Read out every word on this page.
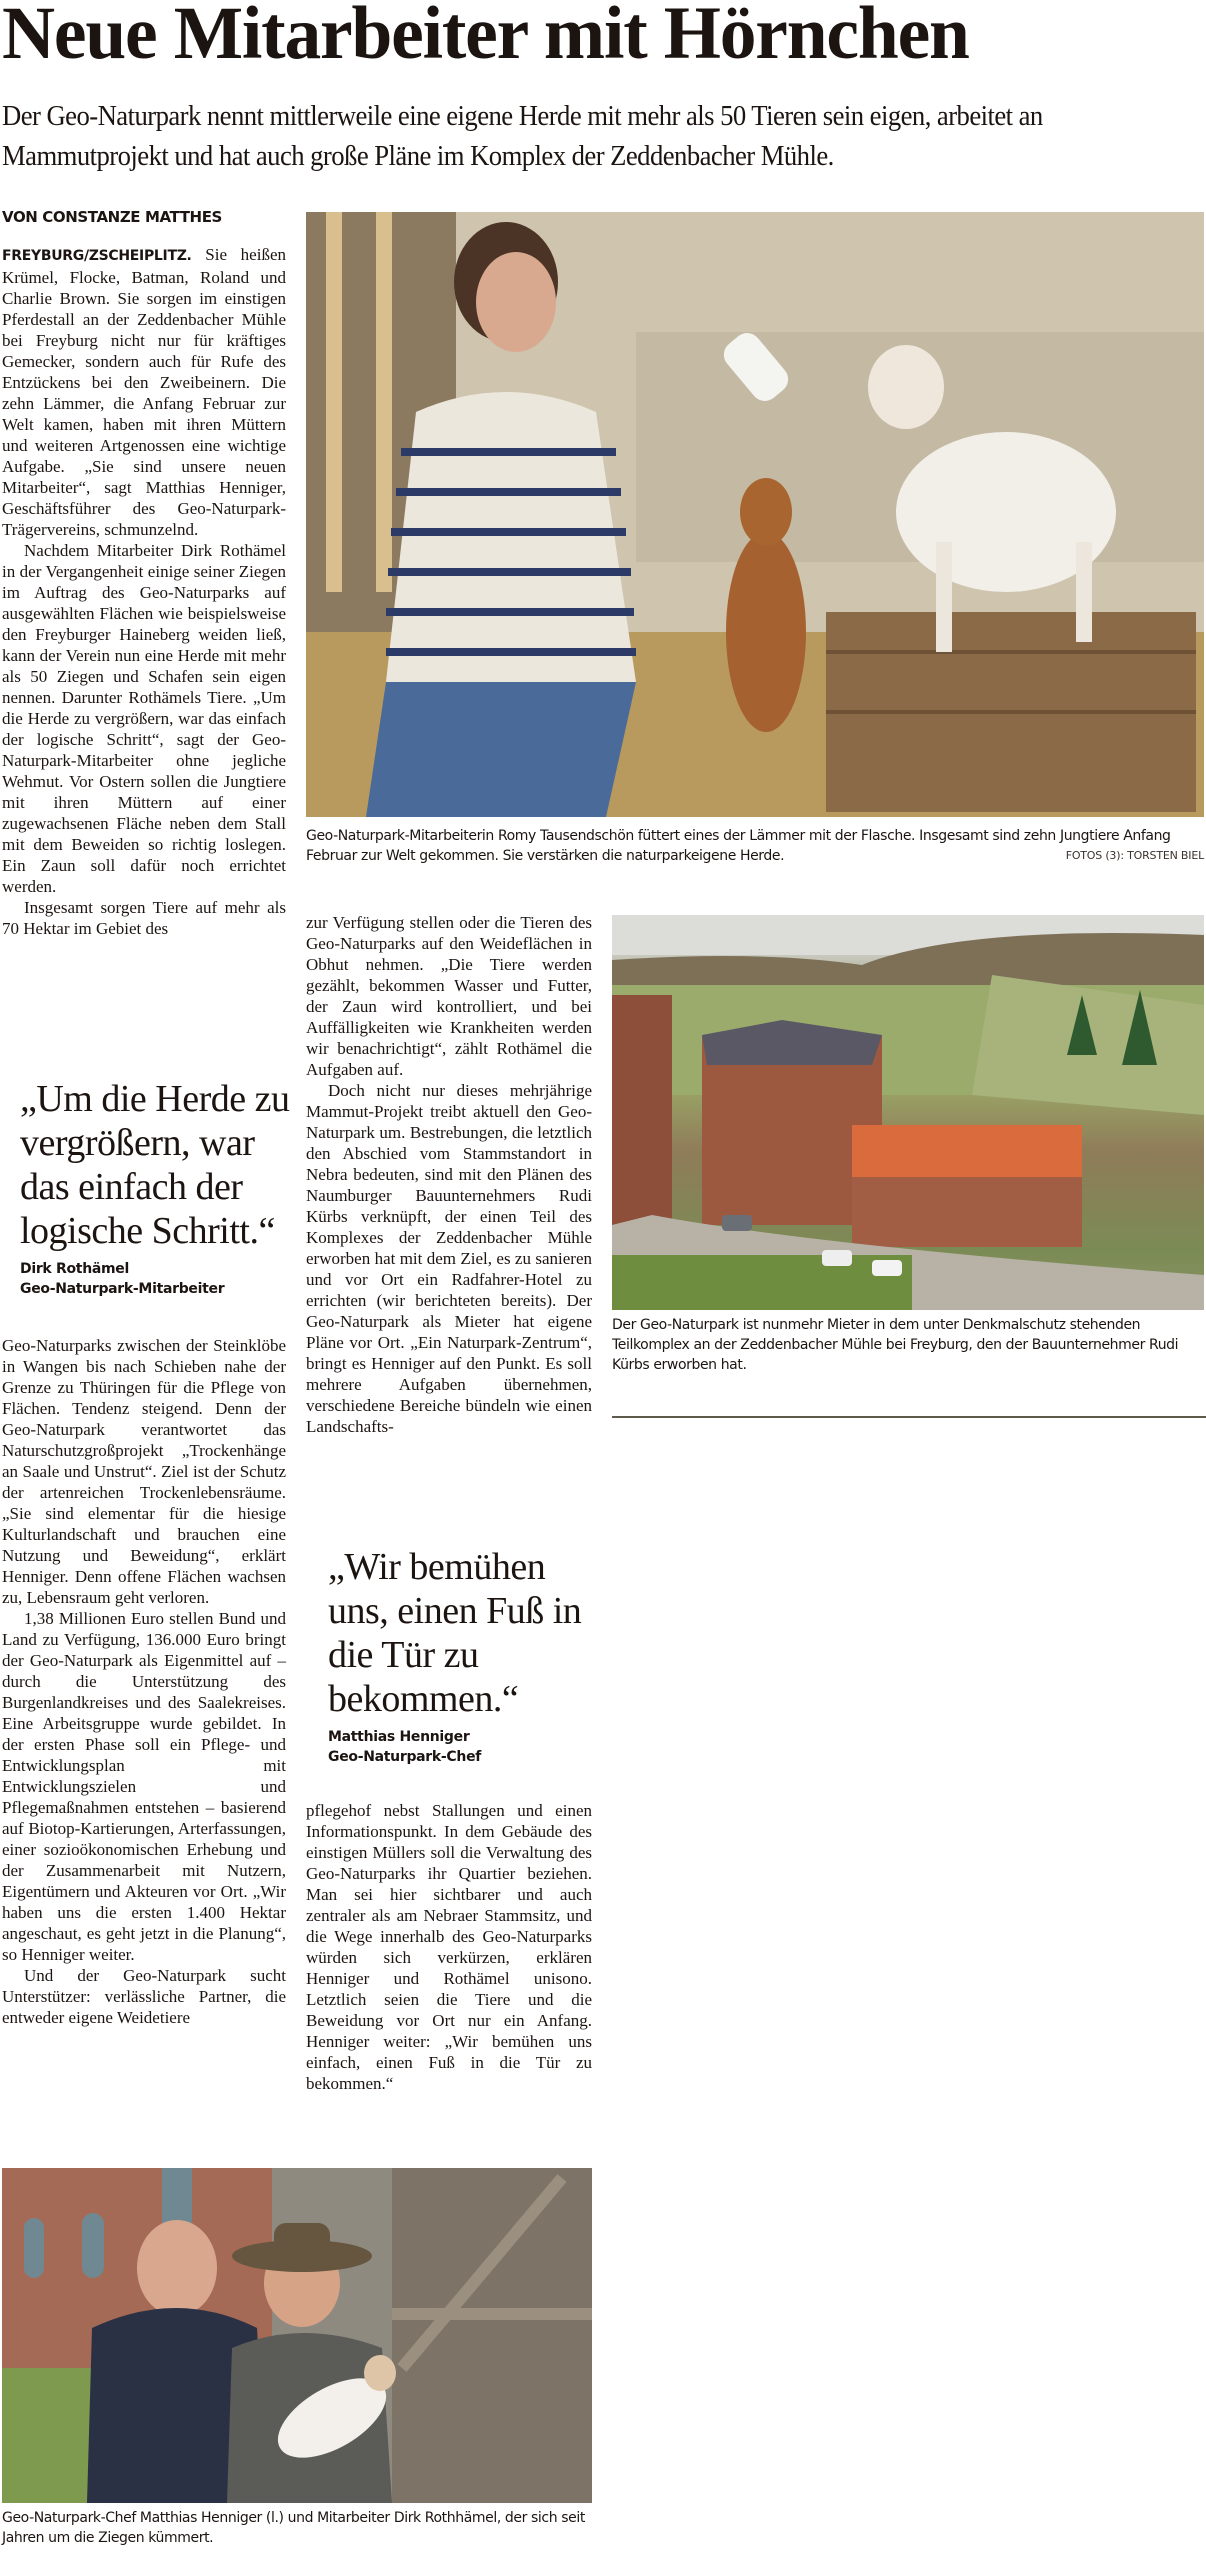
Neue Mitarbeiter mit Hörnchen
Der Geo-Naturpark nennt mittlerweile eine eigene Herde mit mehr als 50 Tieren sein eigen, arbeitet an Mammutprojekt und hat auch große Pläne im Komplex der Zeddenbacher Mühle.
VON CONSTANZE MATTHES

FREYBURG/ZSCHEIPLITZ. Sie heißen Krümel, Flocke, Batman, Roland und Charlie Brown. Sie sorgen im einstigen Pferdestall an der Zeddenbacher Mühle bei Freyburg nicht nur für kräftiges Gemecker, sondern auch für Rufe des Entzückens bei den Zweibeinern. Die zehn Lämmer, die Anfang Februar zur Welt kamen, haben mit ihren Müttern und weiteren Artgenossen eine wichtige Aufgabe. „Sie sind unsere neuen Mitarbeiter“, sagt Matthias Henniger, Geschäftsführer des Geo-Naturpark-Trägervereins, schmunzelnd.

Nachdem Mitarbeiter Dirk Rothämel in der Vergangenheit einige seiner Ziegen im Auftrag des Geo-Naturparks auf ausgewählten Flächen wie beispielsweise den Freyburger Haineberg weiden ließ, kann der Verein nun eine Herde mit mehr als 50 Ziegen und Schafen sein eigen nennen. Darunter Rothämels Tiere. „Um die Herde zu vergrößern, war das einfach der logische Schritt“, sagt der Geo-Naturpark-Mitarbeiter ohne jegliche Wehmut. Vor Ostern sollen die Jungtiere mit ihren Müttern auf einer zugewachsenen Fläche neben dem Stall mit dem Beweiden so richtig loslegen. Ein Zaun soll dafür noch errichtet werden.

Insgesamt sorgen Tiere auf mehr als 70 Hektar im Gebiet des

„Um die Herde zu vergrößern, war das einfach der logische Schritt.“
Dirk Rothämel
Geo-Naturpark-Mitarbeiter

Geo-Naturparks zwischen der Steinklöbe in Wangen bis nach Schieben nahe der Grenze zu Thüringen für die Pflege von Flächen. Tendenz steigend. Denn der Geo-Naturpark verantwortet das Naturschutzgroßprojekt „Trockenhänge an Saale und Unstrut“. Ziel ist der Schutz der artenreichen Trockenlebensräume. „Sie sind elementar für die hiesige Kulturlandschaft und brauchen eine Nutzung und Beweidung“, erklärt Henniger. Denn offene Flächen wachsen zu, Lebensraum geht verloren.

1,38 Millionen Euro stellen Bund und Land zu Verfügung, 136.000 Euro bringt der Geo-Naturpark als Eigenmittel auf – durch die Unterstützung des Burgenlandkreises und des Saalekreises. Eine Arbeitsgruppe wurde gebildet. In der ersten Phase soll ein Pflege- und Entwicklungsplan mit Entwicklungszielen und Pflegemaßnahmen entstehen – basierend auf Biotop-Kartierungen, Arterfassungen, einer sozioökonomischen Erhebung und der Zusammenarbeit mit Nutzern, Eigentümern und Akteuren vor Ort. „Wir haben uns die ersten 1.400 Hektar angeschaut, es geht jetzt in die Planung“, so Henniger weiter.

Und der Geo-Naturpark sucht Unterstützer: verlässliche Partner, die entweder eigene Weidetiere

Geo-Naturpark-Mitarbeiterin Romy Tausendschön füttert eines der Lämmer mit der Flasche. Insgesamt sind zehn Jungtiere Anfang Februar zur Welt gekommen. Sie verstärken die naturparkeigene Herde.	FOTOS (3): TORSTEN BIEL

zur Verfügung stellen oder die Tieren des Geo-Naturparks auf den Weideflächen in Obhut nehmen. „Die Tiere werden gezählt, bekommen Wasser und Futter, der Zaun wird kontrolliert, und bei Auffälligkeiten wie Krankheiten werden wir benachrichtigt“, zählt Rothämel die Aufgaben auf.

Doch nicht nur dieses mehrjährige Mammut-Projekt treibt aktuell den Geo-Naturpark um. Bestrebungen, die letztlich den Abschied vom Stammstandort in Nebra bedeuten, sind mit den Plänen des Naumburger Bauunternehmers Rudi Kürbs verknüpft, der einen Teil des Komplexes der Zeddenbacher Mühle erworben hat mit dem Ziel, es zu sanieren und vor Ort ein Radfahrer-Hotel zu errichten (wir berichteten bereits). Der Geo-Naturpark als Mieter hat eigene Pläne vor Ort. „Ein Naturpark-Zentrum“, bringt es Henniger auf den Punkt. Es soll mehrere Aufgaben übernehmen, verschiedene Bereiche bündeln wie einen Landschafts-

„Wir bemühen uns, einen Fuß in die Tür zu bekommen.“
Matthias Henniger
Geo-Naturpark-Chef

pflegehof nebst Stallungen und einen Informationspunkt. In dem Gebäude des einstigen Müllers soll die Verwaltung des Geo-Naturparks ihr Quartier beziehen. Man sei hier sichtbarer und auch zentraler als am Nebraer Stammsitz, und die Wege innerhalb des Geo-Naturparks würden sich verkürzen, erklären Henniger und Rothämel unisono. Letztlich seien die Tiere und die Beweidung vor Ort nur ein Anfang. Henniger weiter: „Wir bemühen uns einfach, einen Fuß in die Tür zu bekommen.“

Der Geo-Naturpark ist nunmehr Mieter in dem unter Denkmalschutz stehenden Teilkomplex an der Zeddenbacher Mühle bei Freyburg, den der Bauunternehmer Rudi Kürbs erworben hat.
Geo-Naturpark-Chef Matthias Henniger (l.) und Mitarbeiter Dirk Rothhämel, der sich seit Jahren um die Ziegen kümmert.
